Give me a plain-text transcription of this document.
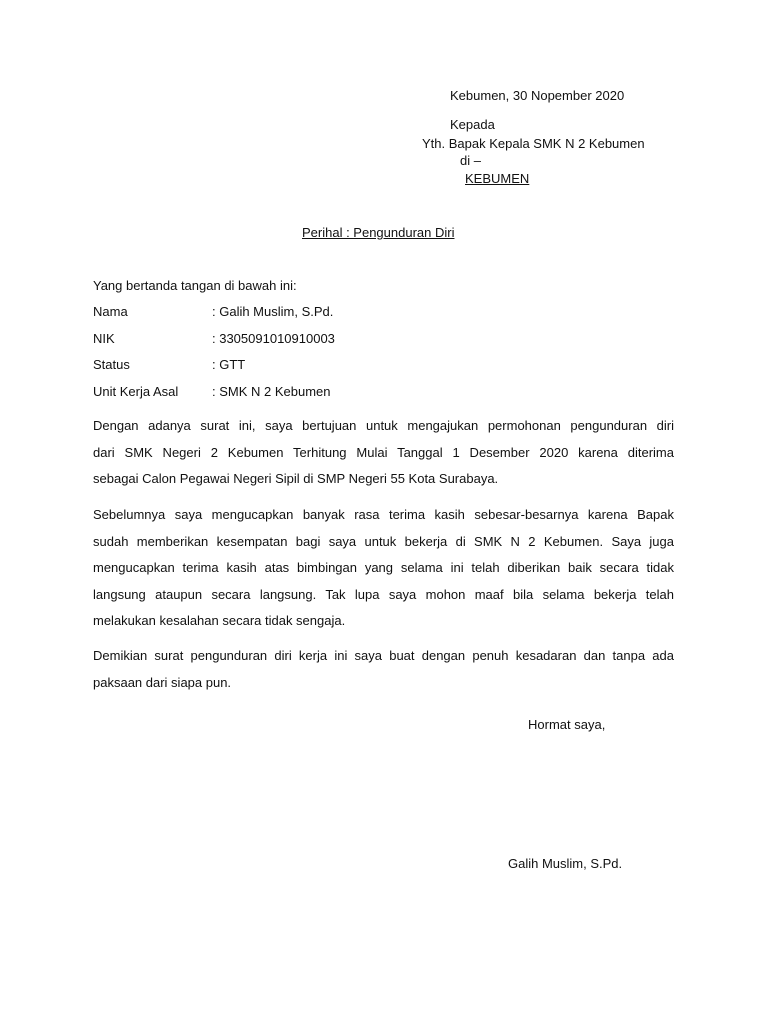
Kebumen, 30 Nopember 2020
Kepada
Yth. Bapak Kepala SMK N 2 Kebumen
di –
KEBUMEN
Perihal : Pengunduran Diri
Yang bertanda tangan di bawah ini:
Nama	: Galih Muslim, S.Pd.
NIK	: 3305091010910003
Status	: GTT
Unit Kerja Asal	: SMK N 2 Kebumen
Dengan adanya surat ini, saya bertujuan untuk mengajukan permohonan pengunduran diri
dari SMK Negeri 2 Kebumen Terhitung Mulai Tanggal 1 Desember 2020 karena diterima
sebagai Calon Pegawai Negeri Sipil di SMP Negeri 55 Kota Surabaya.
Sebelumnya saya mengucapkan banyak rasa terima kasih sebesar-besarnya karena Bapak
sudah memberikan kesempatan bagi saya untuk bekerja di SMK N 2 Kebumen. Saya juga
mengucapkan terima kasih atas bimbingan yang selama ini telah diberikan baik secara tidak
langsung ataupun secara langsung. Tak lupa saya mohon maaf bila selama bekerja telah
melakukan kesalahan secara tidak sengaja.
Demikian surat pengunduran diri kerja ini saya buat dengan penuh kesadaran dan tanpa ada
paksaan dari siapa pun.
Hormat saya,
Galih Muslim, S.Pd.
